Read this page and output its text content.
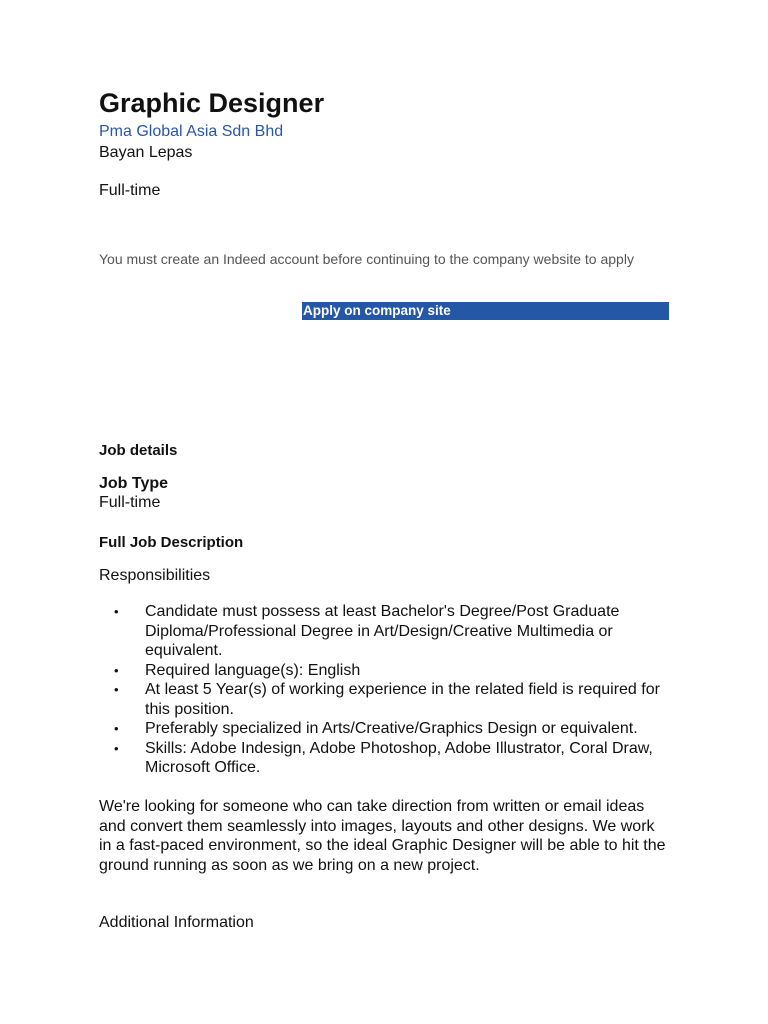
Graphic Designer
Pma Global Asia Sdn Bhd
Bayan Lepas
Full-time
You must create an Indeed account before continuing to the company website to apply
Apply on company site
Job details
Job Type
Full-time
Full Job Description
Responsibilities
• Candidate must possess at least Bachelor's Degree/Post Graduate Diploma/Professional Degree in Art/Design/Creative Multimedia or equivalent.
• Required language(s): English
• At least 5 Year(s) of working experience in the related field is required for this position.
• Preferably specialized in Arts/Creative/Graphics Design or equivalent.
• Skills: Adobe Indesign, Adobe Photoshop, Adobe Illustrator, Coral Draw, Microsoft Office.
We're looking for someone who can take direction from written or email ideas and convert them seamlessly into images, layouts and other designs. We work in a fast-paced environment, so the ideal Graphic Designer will be able to hit the ground running as soon as we bring on a new project.
Additional Information
